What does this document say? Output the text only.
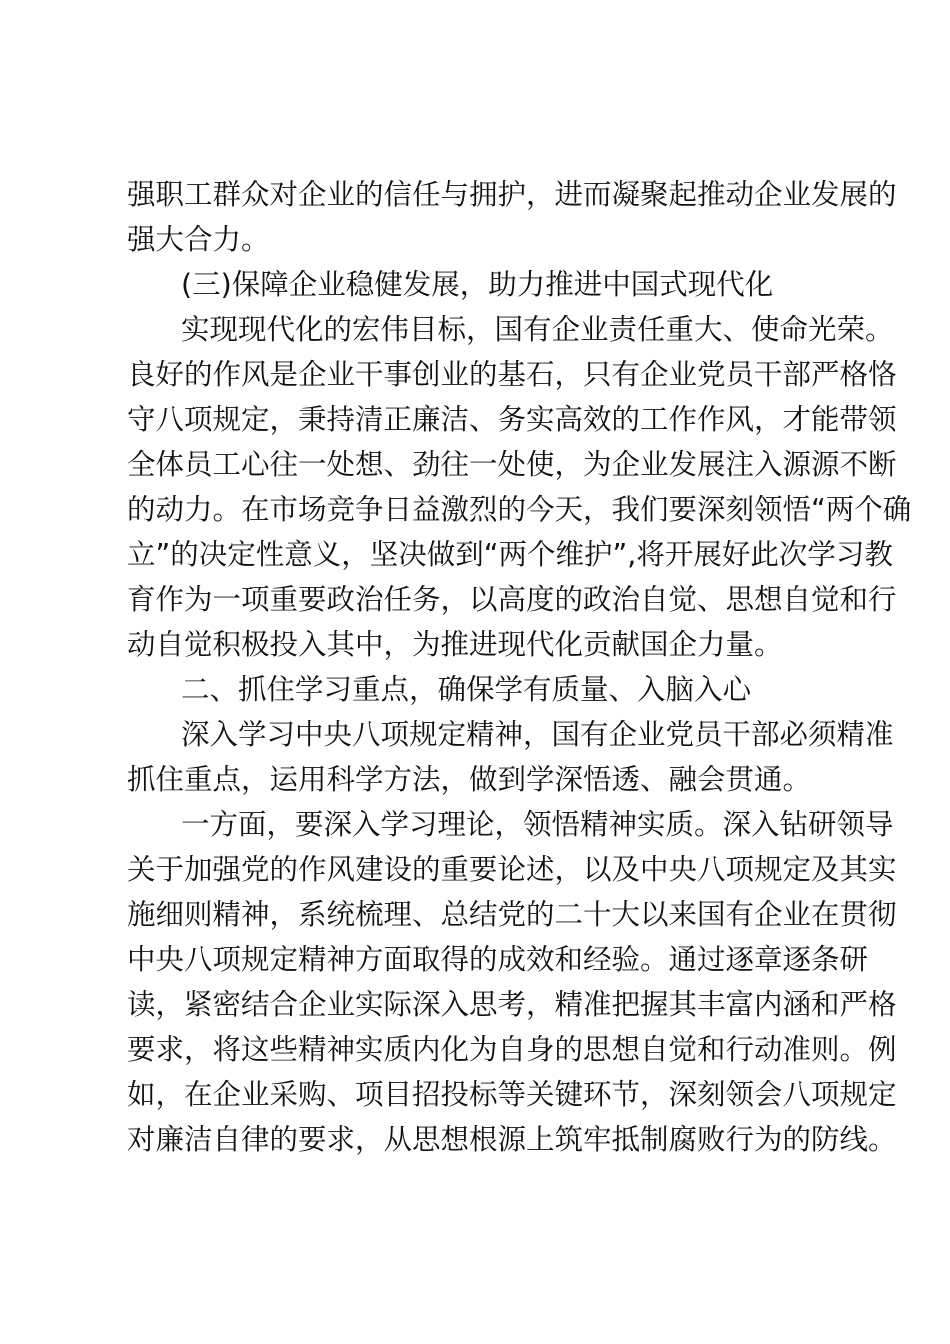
强职工群众对企业的信任与拥护，进而凝聚起推动企业发展的
强大合力。
(三)保障企业稳健发展，助力推进中国式现代化
实现现代化的宏伟目标，国有企业责任重大、使命光荣。
良好的作风是企业干事创业的基石，只有企业党员干部严格恪
守八项规定，秉持清正廉洁、务实高效的工作作风，才能带领
全体员工心往一处想、劲往一处使，为企业发展注入源源不断
的动力。在市场竞争日益激烈的今天，我们要深刻领悟“两个确
立”的决定性意义，坚决做到“两个维护”,将开展好此次学习教
育作为一项重要政治任务，以高度的政治自觉、思想自觉和行
动自觉积极投入其中，为推进现代化贡献国企力量。
二、抓住学习重点，确保学有质量、入脑入心
深入学习中央八项规定精神，国有企业党员干部必须精准
抓住重点，运用科学方法，做到学深悟透、融会贯通。
一方面，要深入学习理论，领悟精神实质。深入钻研领导
关于加强党的作风建设的重要论述，以及中央八项规定及其实
施细则精神，系统梳理、总结党的二十大以来国有企业在贯彻
中央八项规定精神方面取得的成效和经验。通过逐章逐条研
读，紧密结合企业实际深入思考，精准把握其丰富内涵和严格
要求，将这些精神实质内化为自身的思想自觉和行动准则。例
如，在企业采购、项目招投标等关键环节，深刻领会八项规定
对廉洁自律的要求，从思想根源上筑牢抵制腐败行为的防线。
